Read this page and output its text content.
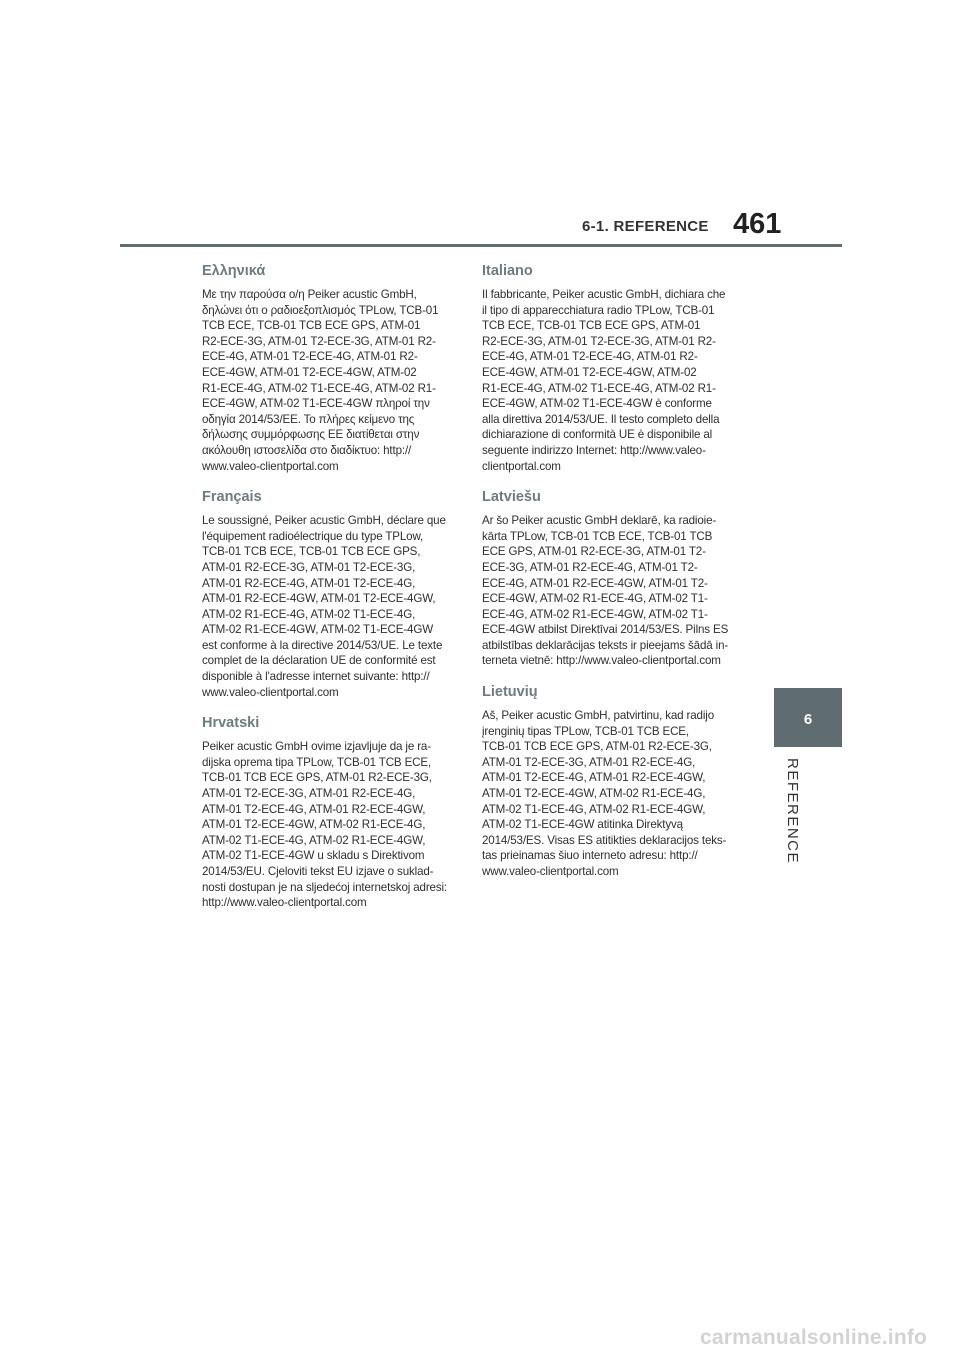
6-1. REFERENCE 461
6
REFERENCE
Ελληνικά

Με την παρούσα ο/η Peiker acustic GmbH,
δηλώνει ότι ο ραδιοεξοπλισμός TPLow, TCB-01
TCB ECE, TCB-01 TCB ECE GPS, ATM-01
R2-ECE-3G, ATM-01 T2-ECE-3G, ATM-01 R2-
ECE-4G, ATM-01 T2-ECE-4G, ATM-01 R2-
ECE-4GW, ATM-01 T2-ECE-4GW, ATM-02
R1-ECE-4G, ATM-02 T1-ECE-4G, ATM-02 R1-
ECE-4GW, ATM-02 T1-ECE-4GW πληροί την
οδηγία 2014/53/ΕΕ. Το πλήρες κείμενο της
δήλωσης συμμόρφωσης ΕΕ διατίθεται στην
ακόλουθη ιστοσελίδα στο διαδίκτυο: http://
www.valeo-clientportal.com

Français

Le soussigné, Peiker acustic GmbH, déclare que
l'équipement radioélectrique du type TPLow,
TCB-01 TCB ECE, TCB-01 TCB ECE GPS,
ATM-01 R2-ECE-3G, ATM-01 T2-ECE-3G,
ATM-01 R2-ECE-4G, ATM-01 T2-ECE-4G,
ATM-01 R2-ECE-4GW, ATM-01 T2-ECE-4GW,
ATM-02 R1-ECE-4G, ATM-02 T1-ECE-4G,
ATM-02 R1-ECE-4GW, ATM-02 T1-ECE-4GW
est conforme à la directive 2014/53/UE. Le texte
complet de la déclaration UE de conformité est
disponible à l'adresse internet suivante: http://
www.valeo-clientportal.com

Hrvatski

Peiker acustic GmbH ovime izjavljuje da je ra-
dijska oprema tipa TPLow, TCB-01 TCB ECE,
TCB-01 TCB ECE GPS, ATM-01 R2-ECE-3G,
ATM-01 T2-ECE-3G, ATM-01 R2-ECE-4G,
ATM-01 T2-ECE-4G, ATM-01 R2-ECE-4GW,
ATM-01 T2-ECE-4GW, ATM-02 R1-ECE-4G,
ATM-02 T1-ECE-4G, ATM-02 R1-ECE-4GW,
ATM-02 T1-ECE-4GW u skladu s Direktivom
2014/53/EU. Cjeloviti tekst EU izjave o suklad-
nosti dostupan je na sljedećoj internetskoj adresi:
http://www.valeo-clientportal.com

Italiano

Il fabbricante, Peiker acustic GmbH, dichiara che
il tipo di apparecchiatura radio TPLow, TCB-01
TCB ECE, TCB-01 TCB ECE GPS, ATM-01
R2-ECE-3G, ATM-01 T2-ECE-3G, ATM-01 R2-
ECE-4G, ATM-01 T2-ECE-4G, ATM-01 R2-
ECE-4GW, ATM-01 T2-ECE-4GW, ATM-02
R1-ECE-4G, ATM-02 T1-ECE-4G, ATM-02 R1-
ECE-4GW, ATM-02 T1-ECE-4GW è conforme
alla direttiva 2014/53/UE. Il testo completo della
dichiarazione di conformità UE è disponibile al
seguente indirizzo Internet: http://www.valeo-
clientportal.com

Latviešu

Ar šo Peiker acustic GmbH deklarē, ka radioie-
kārta TPLow, TCB-01 TCB ECE, TCB-01 TCB
ECE GPS, ATM-01 R2-ECE-3G, ATM-01 T2-
ECE-3G, ATM-01 R2-ECE-4G, ATM-01 T2-
ECE-4G, ATM-01 R2-ECE-4GW, ATM-01 T2-
ECE-4GW, ATM-02 R1-ECE-4G, ATM-02 T1-
ECE-4G, ATM-02 R1-ECE-4GW, ATM-02 T1-
ECE-4GW atbilst Direktīvai 2014/53/ES. Pilns ES
atbilstības deklarācijas teksts ir pieejams šādā in-
terneta vietnē: http://www.valeo-clientportal.com

Lietuvių

Aš, Peiker acustic GmbH, patvirtinu, kad radijo
įrenginių tipas TPLow, TCB-01 TCB ECE,
TCB-01 TCB ECE GPS, ATM-01 R2-ECE-3G,
ATM-01 T2-ECE-3G, ATM-01 R2-ECE-4G,
ATM-01 T2-ECE-4G, ATM-01 R2-ECE-4GW,
ATM-01 T2-ECE-4GW, ATM-02 R1-ECE-4G,
ATM-02 T1-ECE-4G, ATM-02 R1-ECE-4GW,
ATM-02 T1-ECE-4GW atitinka Direktyvą
2014/53/ES. Visas ES atitikties deklaracijos teks-
tas prieinamas šiuo interneto adresu: http://
www.valeo-clientportal.com

carmanualsonline.info
